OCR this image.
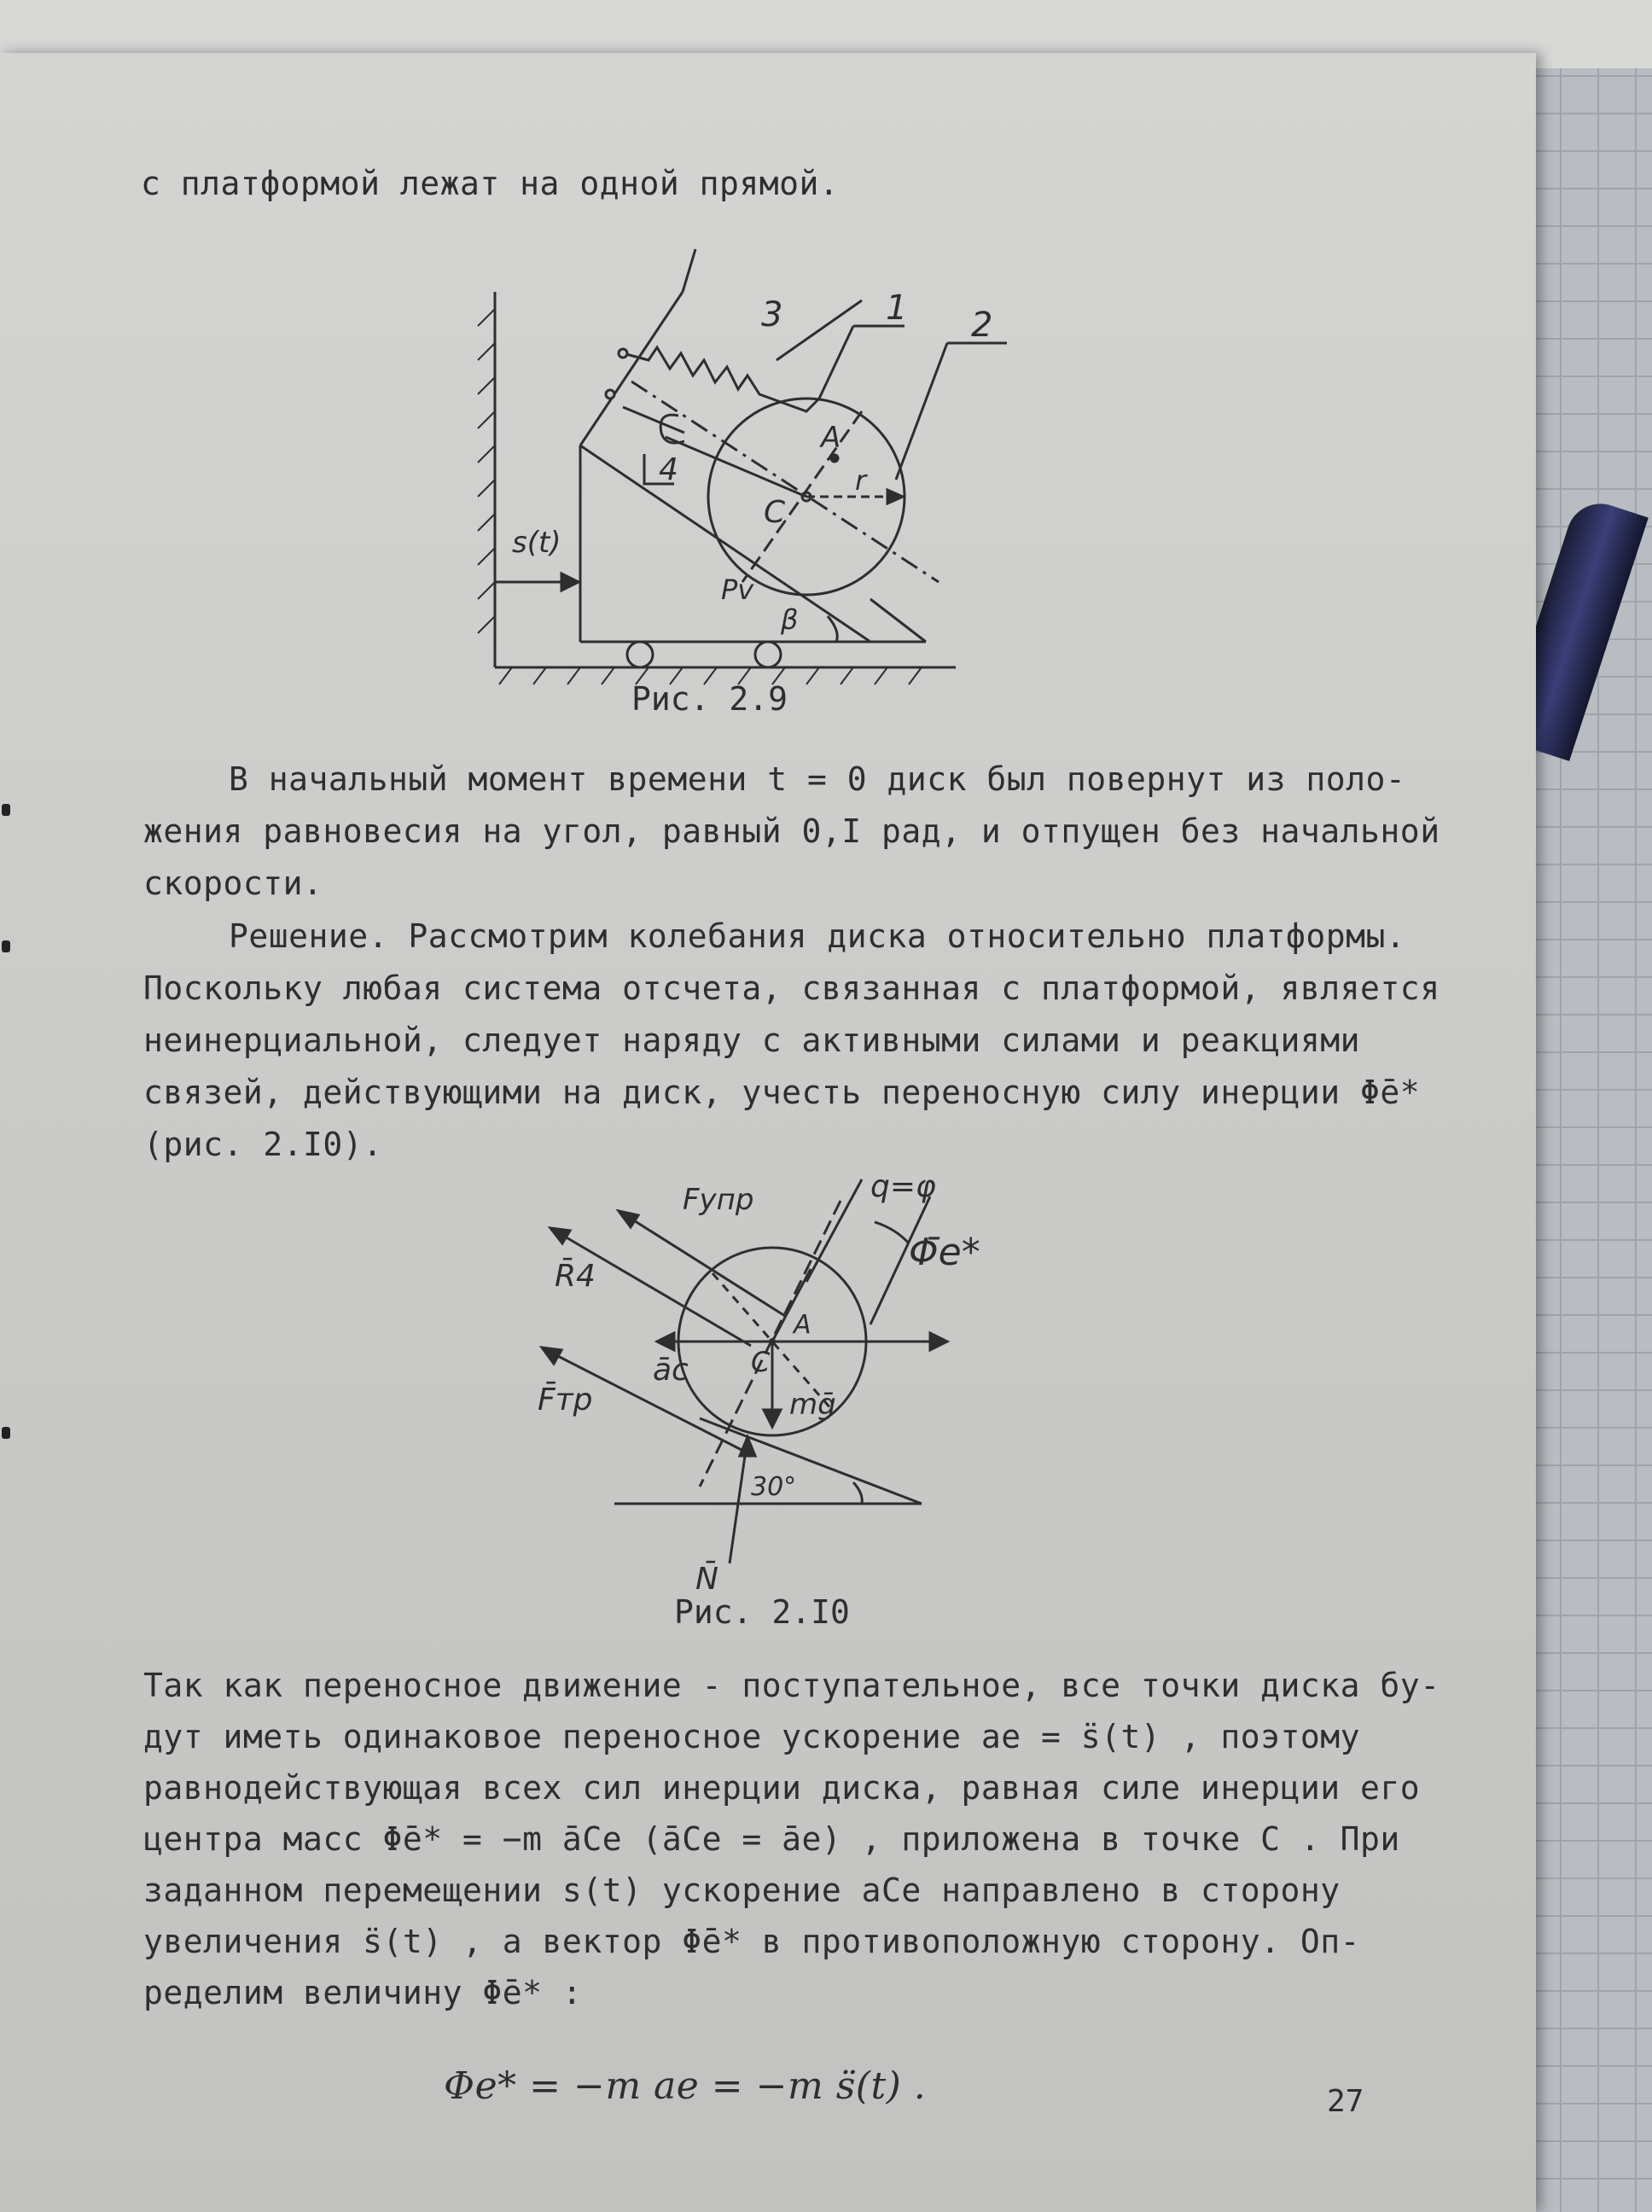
с платформой лежат на одной прямой.
1 2
3
4
A
C
r
s(t)
Pv
β
Рис. 2.9
В начальный момент времени t = 0 диск был повернут из поло-
жения равновесия на угол, равный 0,I рад, и отпущен без начальной
скорости.
Решение. Рассмотрим колебания диска относительно платформы.
Поскольку любая система отсчета, связанная с платформой, является
неинерциальной, следует наряду с активными силами и реакциями
связей, действующими на диск, учесть переносную силу инерции Φ̄e*
(рис. 2.I0).
Fупр	q=φ
Φ̄e*
R̄4
āc
A
C
F̄тр	mḡ
30°
N̄
Рис. 2.I0
Так как переносное движение - поступательное, все точки диска бу-
дут иметь одинаковое переносное ускорение ae = s̈(t) , поэтому
равнодействующая всех сил инерции диска, равная силе инерции его
центра масс Φ̄e* = −m āCe (āCe = āe) , приложена в точке C . При
заданном перемещении s(t) ускорение aCe направлено в сторону
увеличения s̈(t) , а вектор Φ̄e* в противоположную сторону. Оп-
ределим величину Φ̄e* :
Φe* = −m ae = −m s̈(t) .	27
